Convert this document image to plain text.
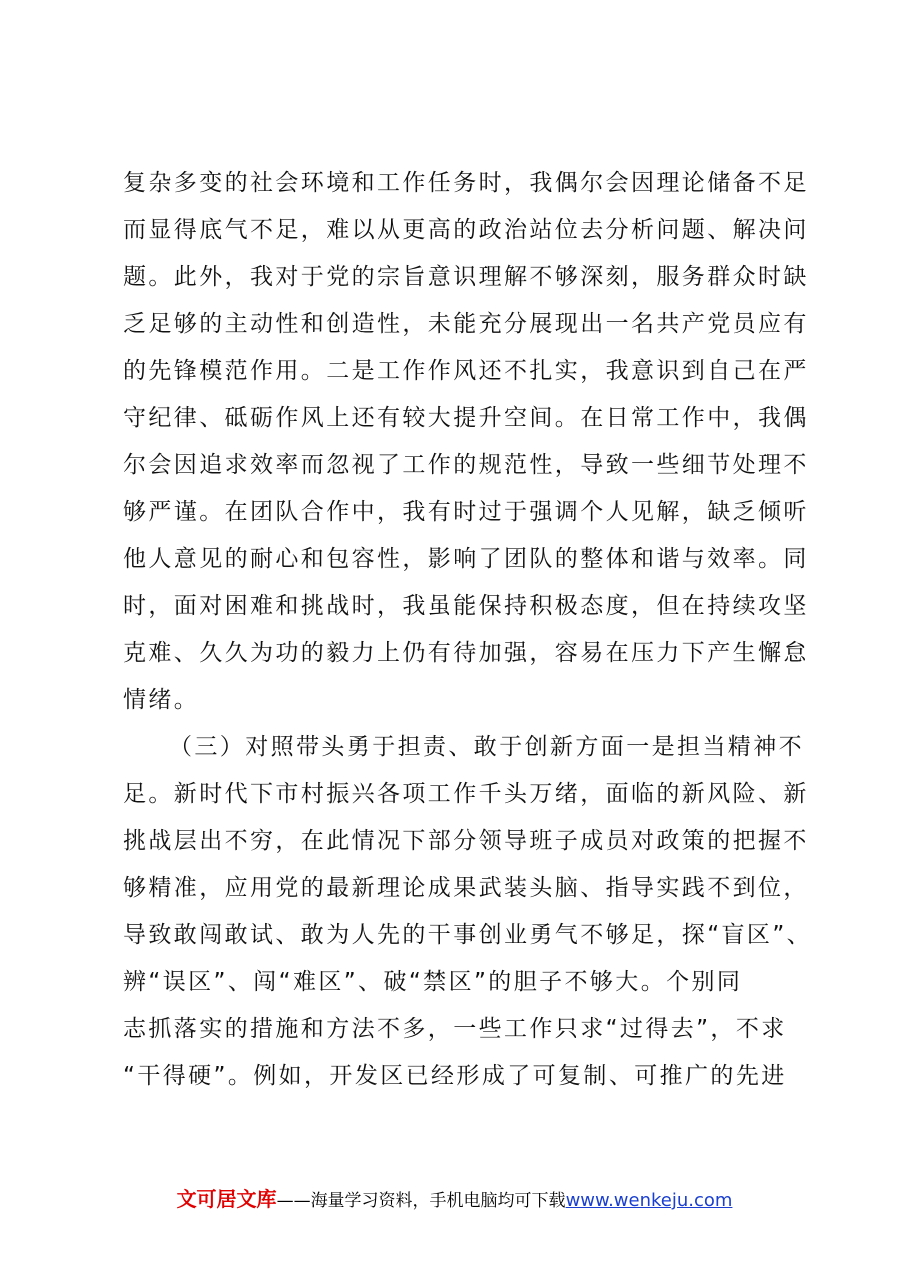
复杂多变的社会环境和工作任务时，我偶尔会因理论储备不足
而显得底气不足，难以从更高的政治站位去分析问题、解决问
题。此外，我对于党的宗旨意识理解不够深刻，服务群众时缺
乏足够的主动性和创造性，未能充分展现出一名共产党员应有
的先锋模范作用。二是工作作风还不扎实，我意识到自己在严
守纪律、砥砺作风上还有较大提升空间。在日常工作中，我偶
尔会因追求效率而忽视了工作的规范性，导致一些细节处理不
够严谨。在团队合作中，我有时过于强调个人见解，缺乏倾听
他人意见的耐心和包容性，影响了团队的整体和谐与效率。同
时，面对困难和挑战时，我虽能保持积极态度，但在持续攻坚
克难、久久为功的毅力上仍有待加强，容易在压力下产生懈怠
情绪。
（三）对照带头勇于担责、敢于创新方面一是担当精神不
足。新时代下市村振兴各项工作千头万绪，面临的新风险、新
挑战层出不穷，在此情况下部分领导班子成员对政策的把握不
够精准，应用党的最新理论成果武装头脑、指导实践不到位，
导致敢闯敢试、敢为人先的干事创业勇气不够足，探“盲区”、
辨“误区”、闯“难区”、破“禁区”的胆子不够大。个别同
志抓落实的措施和方法不多，一些工作只求“过得去”，不求
“干得硬”。例如，开发区已经形成了可复制、可推广的先进
文可居文库——海量学习资料，手机电脑均可下载www.wenkeju.com
